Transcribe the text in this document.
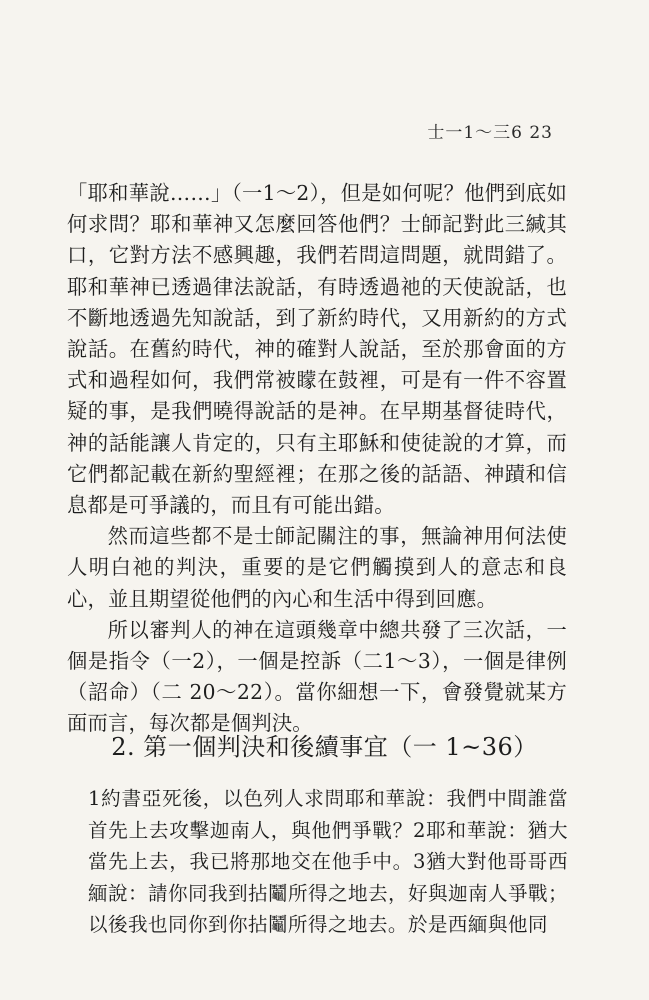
士一1～三6 23

「耶和華說……」（一1～2），但是如何呢？他們到底如何求問？耶和華神又怎麼回答他們？士師記對此三緘其口，它對方法不感興趣，我們若問這問題，就問錯了。耶和華神已透過律法說話，有時透過祂的天使說話，也不斷地透過先知說話，到了新約時代，又用新約的方式說話。在舊約時代，神的確對人說話，至於那會面的方式和過程如何，我們常被矇在鼓裡，可是有一件不容置疑的事，是我們曉得說話的是神。在早期基督徒時代，神的話能讓人肯定的，只有主耶穌和使徒說的才算，而它們都記載在新約聖經裡；在那之後的話語、神蹟和信息都是可爭議的，而且有可能出錯。

然而這些都不是士師記關注的事，無論神用何法使人明白祂的判決，重要的是它們觸摸到人的意志和良心，並且期望從他們的內心和生活中得到回應。

所以審判人的神在這頭幾章中總共發了三次話，一個是指令（一2），一個是控訴（二1～3），一個是律例（詔命）（二 20～22）。當你細想一下，會發覺就某方面而言，每次都是個判決。

2. 第一個判決和後續事宜（一 1~36）

1約書亞死後，以色列人求問耶和華說：我們中間誰當首先上去攻擊迦南人，與他們爭戰？2耶和華說：猶大當先上去，我已將那地交在他手中。3猶大對他哥哥西緬說：請你同我到拈鬮所得之地去，好與迦南人爭戰；以後我也同你到你拈鬮所得之地去。於是西緬與他同
